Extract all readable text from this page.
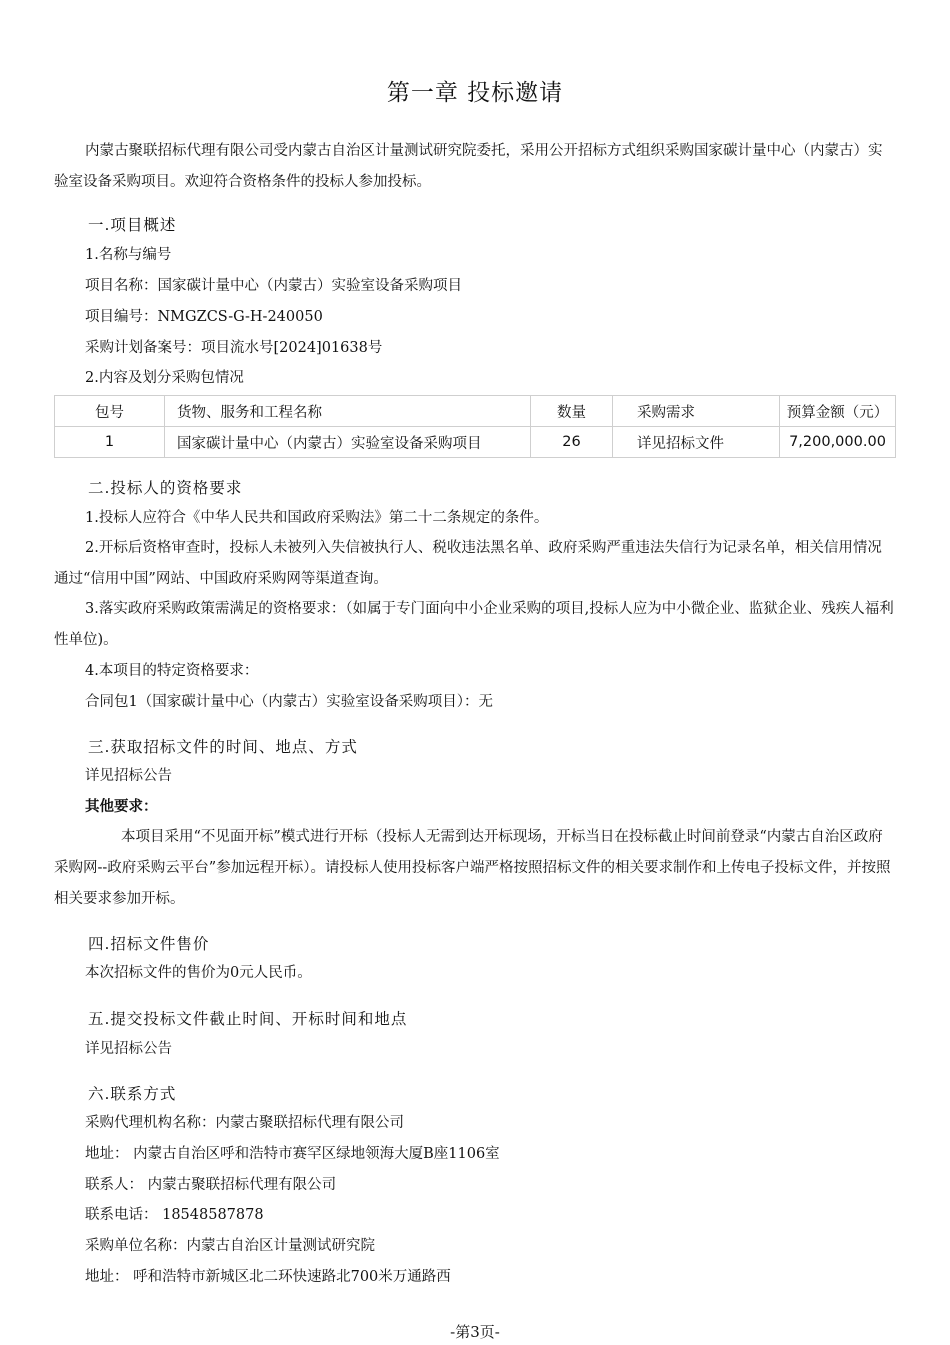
第一章 投标邀请
内蒙古聚联招标代理有限公司受内蒙古自治区计量测试研究院委托，采用公开招标方式组织采购国家碳计量中心（内蒙古）实验室设备采购项目。欢迎符合资格条件的投标人参加投标。
一.项目概述
1.名称与编号
项目名称：国家碳计量中心（内蒙古）实验室设备采购项目
项目编号：NMGZCS-G-H-240050
采购计划备案号：项目流水号[2024]01638号
2.内容及划分采购包情况
包号	货物、服务和工程名称	数量	采购需求	预算金额（元）
1	国家碳计量中心（内蒙古）实验室设备采购项目	26	详见招标文件	7,200,000.00
二.投标人的资格要求
1.投标人应符合《中华人民共和国政府采购法》第二十二条规定的条件。
2.开标后资格审查时，投标人未被列入失信被执行人、税收违法黑名单、政府采购严重违法失信行为记录名单，相关信用情况通过“信用中国”网站、中国政府采购网等渠道查询。
3.落实政府采购政策需满足的资格要求：（如属于专门面向中小企业采购的项目,投标人应为中小微企业、监狱企业、残疾人福利性单位)。
4.本项目的特定资格要求：
合同包1（国家碳计量中心（内蒙古）实验室设备采购项目）：无
三.获取招标文件的时间、地点、方式
详见招标公告
其他要求：
本项目采用“不见面开标”模式进行开标（投标人无需到达开标现场，开标当日在投标截止时间前登录“内蒙古自治区政府采购网--政府采购云平台”参加远程开标）。请投标人使用投标客户端严格按照招标文件的相关要求制作和上传电子投标文件，并按照相关要求参加开标。
四.招标文件售价
本次招标文件的售价为0元人民币。
五.提交投标文件截止时间、开标时间和地点
详见招标公告
六.联系方式
采购代理机构名称：内蒙古聚联招标代理有限公司
地址： 内蒙古自治区呼和浩特市赛罕区绿地领海大厦B座1106室
联系人： 内蒙古聚联招标代理有限公司
联系电话： 18548587878
采购单位名称：内蒙古自治区计量测试研究院
地址： 呼和浩特市新城区北二环快速路北700米万通路西
-第3页-
